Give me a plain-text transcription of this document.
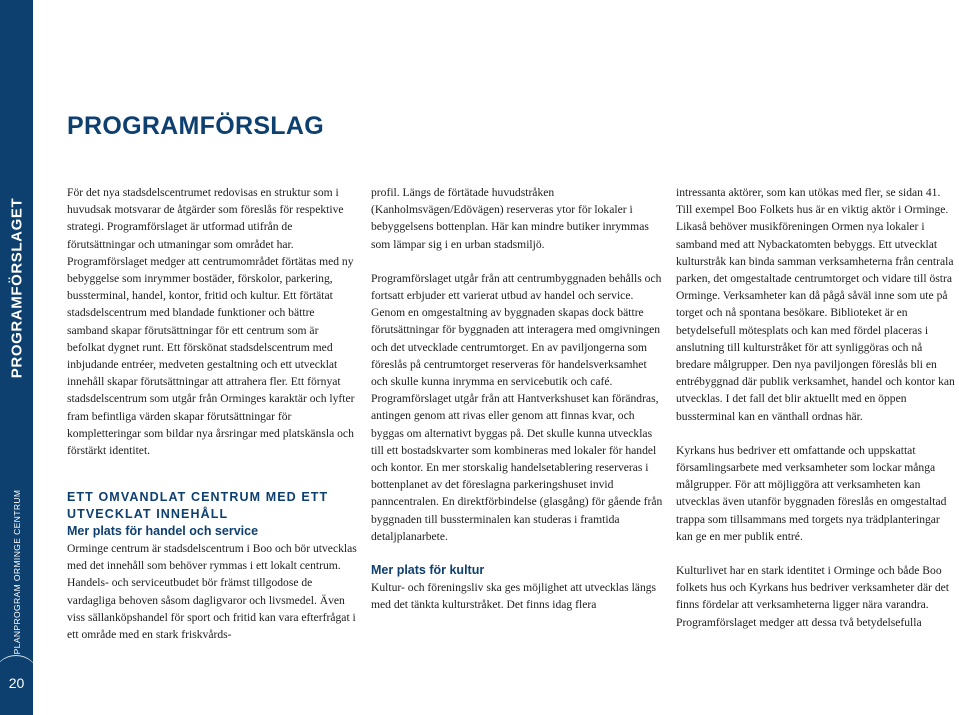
PROGRAMFÖRSLAGET
PLANPROGRAM ORMINGE CENTRUM
20
PROGRAMFÖRSLAG

För det nya stadsdelscentrumet redovisas en struktur som i huvudsak motsvarar de åtgärder som föreslås för respektive strategi. Programförslaget är utformad utifrån de förutsättningar och utmaningar som området har. Programförslaget medger att centrumområdet förtätas med ny bebyggelse som inrymmer bostäder, förskolor, parkering, bussterminal, handel, kontor, fritid och kultur. Ett förtätat stadsdelscentrum med blandade funktioner och bättre samband skapar förutsättningar för ett centrum som är befolkat dygnet runt. Ett förskönat stadsdelscentrum med inbjudande entréer, medveten gestaltning och ett utvecklat innehåll skapar förutsättningar att attrahera fler. Ett förnyat stadsdelscentrum som utgår från Orminges karaktär och lyfter fram befintliga värden skapar förutsättningar för kompletteringar som bildar nya årsringar med platskänsla och förstärkt identitet.

ETT OMVANDLAT CENTRUM MED ETT UTVECKLAT INNEHÅLL
Mer plats för handel och service

Orminge centrum är stadsdelscentrum i Boo och bör utvecklas med det innehåll som behöver rymmas i ett lokalt centrum. Handels- och serviceutbudet bör främst tillgodose de vardagliga behoven såsom dagligvaror och livsmedel. Även viss sällanköpshandel för sport och fritid kan vara efterfrågat i ett område med en stark friskvårds-

profil. Längs de förtätade huvudstråken (Kanholmsvägen/Edövägen) reserveras ytor för lokaler i bebyggelsens bottenplan. Här kan mindre butiker inrymmas som lämpar sig i en urban stadsmiljö.

Programförslaget utgår från att centrumbyggnaden behålls och fortsatt erbjuder ett varierat utbud av handel och service. Genom en omgestaltning av byggnaden skapas dock bättre förutsättningar för byggnaden att interagera med omgivningen och det utvecklade centrumtorget. En av paviljongerna som föreslås på centrumtorget reserveras för handelsverksamhet och skulle kunna inrymma en servicebutik och café. Programförslaget utgår från att Hantverkshuset kan förändras, antingen genom att rivas eller genom att finnas kvar, och byggas om alternativt byggas på. Det skulle kunna utvecklas till ett bostadskvarter som kombineras med lokaler för handel och kontor. En mer storskalig handelsetablering reserveras i bottenplanet av det föreslagna parkeringshuset invid panncentralen. En direktförbindelse (glasgång) för gående från byggnaden till bussterminalen kan studeras i framtida detaljplanarbete.

Mer plats för kultur

Kultur- och föreningsliv ska ges möjlighet att utvecklas längs med det tänkta kulturstråket. Det finns idag flera

intressanta aktörer, som kan utökas med fler, se sidan 41. Till exempel Boo Folkets hus är en viktig aktör i Orminge. Likaså behöver musikföreningen Ormen nya lokaler i samband med att Nybackatomten bebyggs. Ett utvecklat kulturstråk kan binda samman verksamheterna från centrala parken, det omgestaltade centrumtorget och vidare till östra Orminge. Verksamheter kan då pågå såväl inne som ute på torget och nå spontana besökare. Biblioteket är en betydelsefull mötesplats och kan med fördel placeras i anslutning till kulturstråket för att synliggöras och nå bredare målgrupper. Den nya paviljongen föreslås bli en entrébyggnad där publik verksamhet, handel och kontor kan utvecklas. I det fall det blir aktuellt med en öppen bussterminal kan en vänthall ordnas här.

Kyrkans hus bedriver ett omfattande och uppskattat församlingsarbete med verksamheter som lockar många målgrupper. För att möjliggöra att verksamheten kan utvecklas även utanför byggnaden föreslås en omgestaltad trappa som tillsammans med torgets nya trädplanteringar kan ge en mer publik entré.

Kulturlivet har en stark identitet i Orminge och både Boo folkets hus och Kyrkans hus bedriver verksamheter där det finns fördelar att verksamheterna ligger nära varandra. Programförslaget medger att dessa två betydelsefulla
